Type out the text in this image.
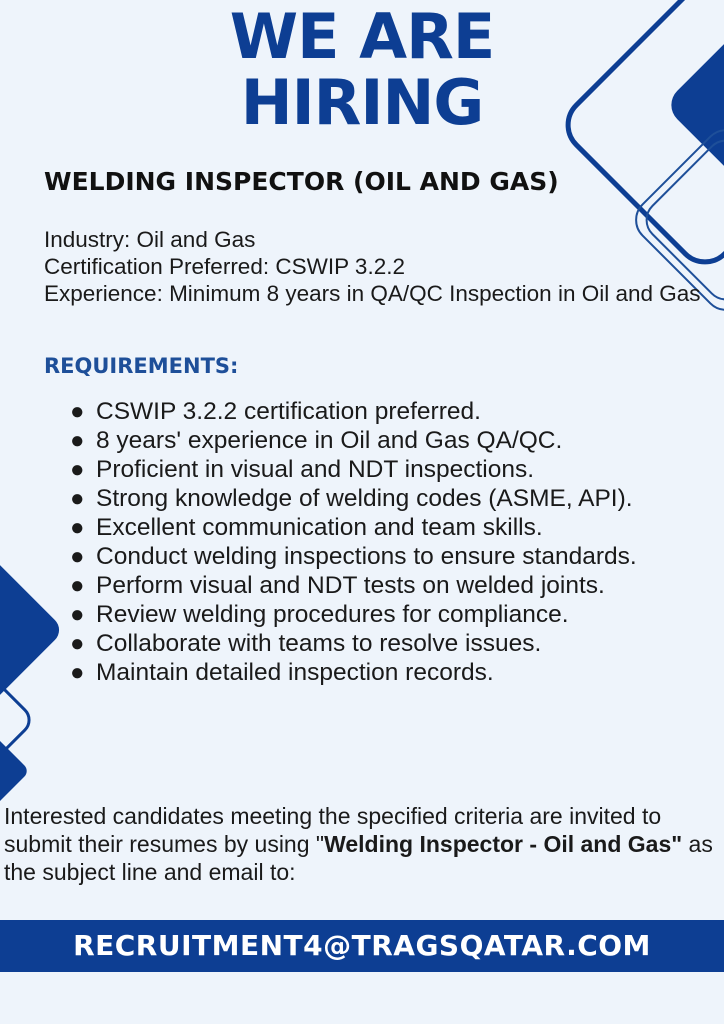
WE ARE
HIRING
WELDING INSPECTOR (OIL AND GAS)
Industry: Oil and Gas
Certification Preferred: CSWIP 3.2.2
Experience: Minimum 8 years in QA/QC Inspection in Oil and Gas
REQUIREMENTS:
● CSWIP 3.2.2 certification preferred.
● 8 years' experience in Oil and Gas QA/QC.
● Proficient in visual and NDT inspections.
● Strong knowledge of welding codes (ASME, API).
● Excellent communication and team skills.
● Conduct welding inspections to ensure standards.
● Perform visual and NDT tests on welded joints.
● Review welding procedures for compliance.
● Collaborate with teams to resolve issues.
● Maintain detailed inspection records.

Interested candidates meeting the specified criteria are invited to submit their resumes by using "Welding Inspector - Oil and Gas" as the subject line and email to:

RECRUITMENT4@TRAGSQATAR.COM
